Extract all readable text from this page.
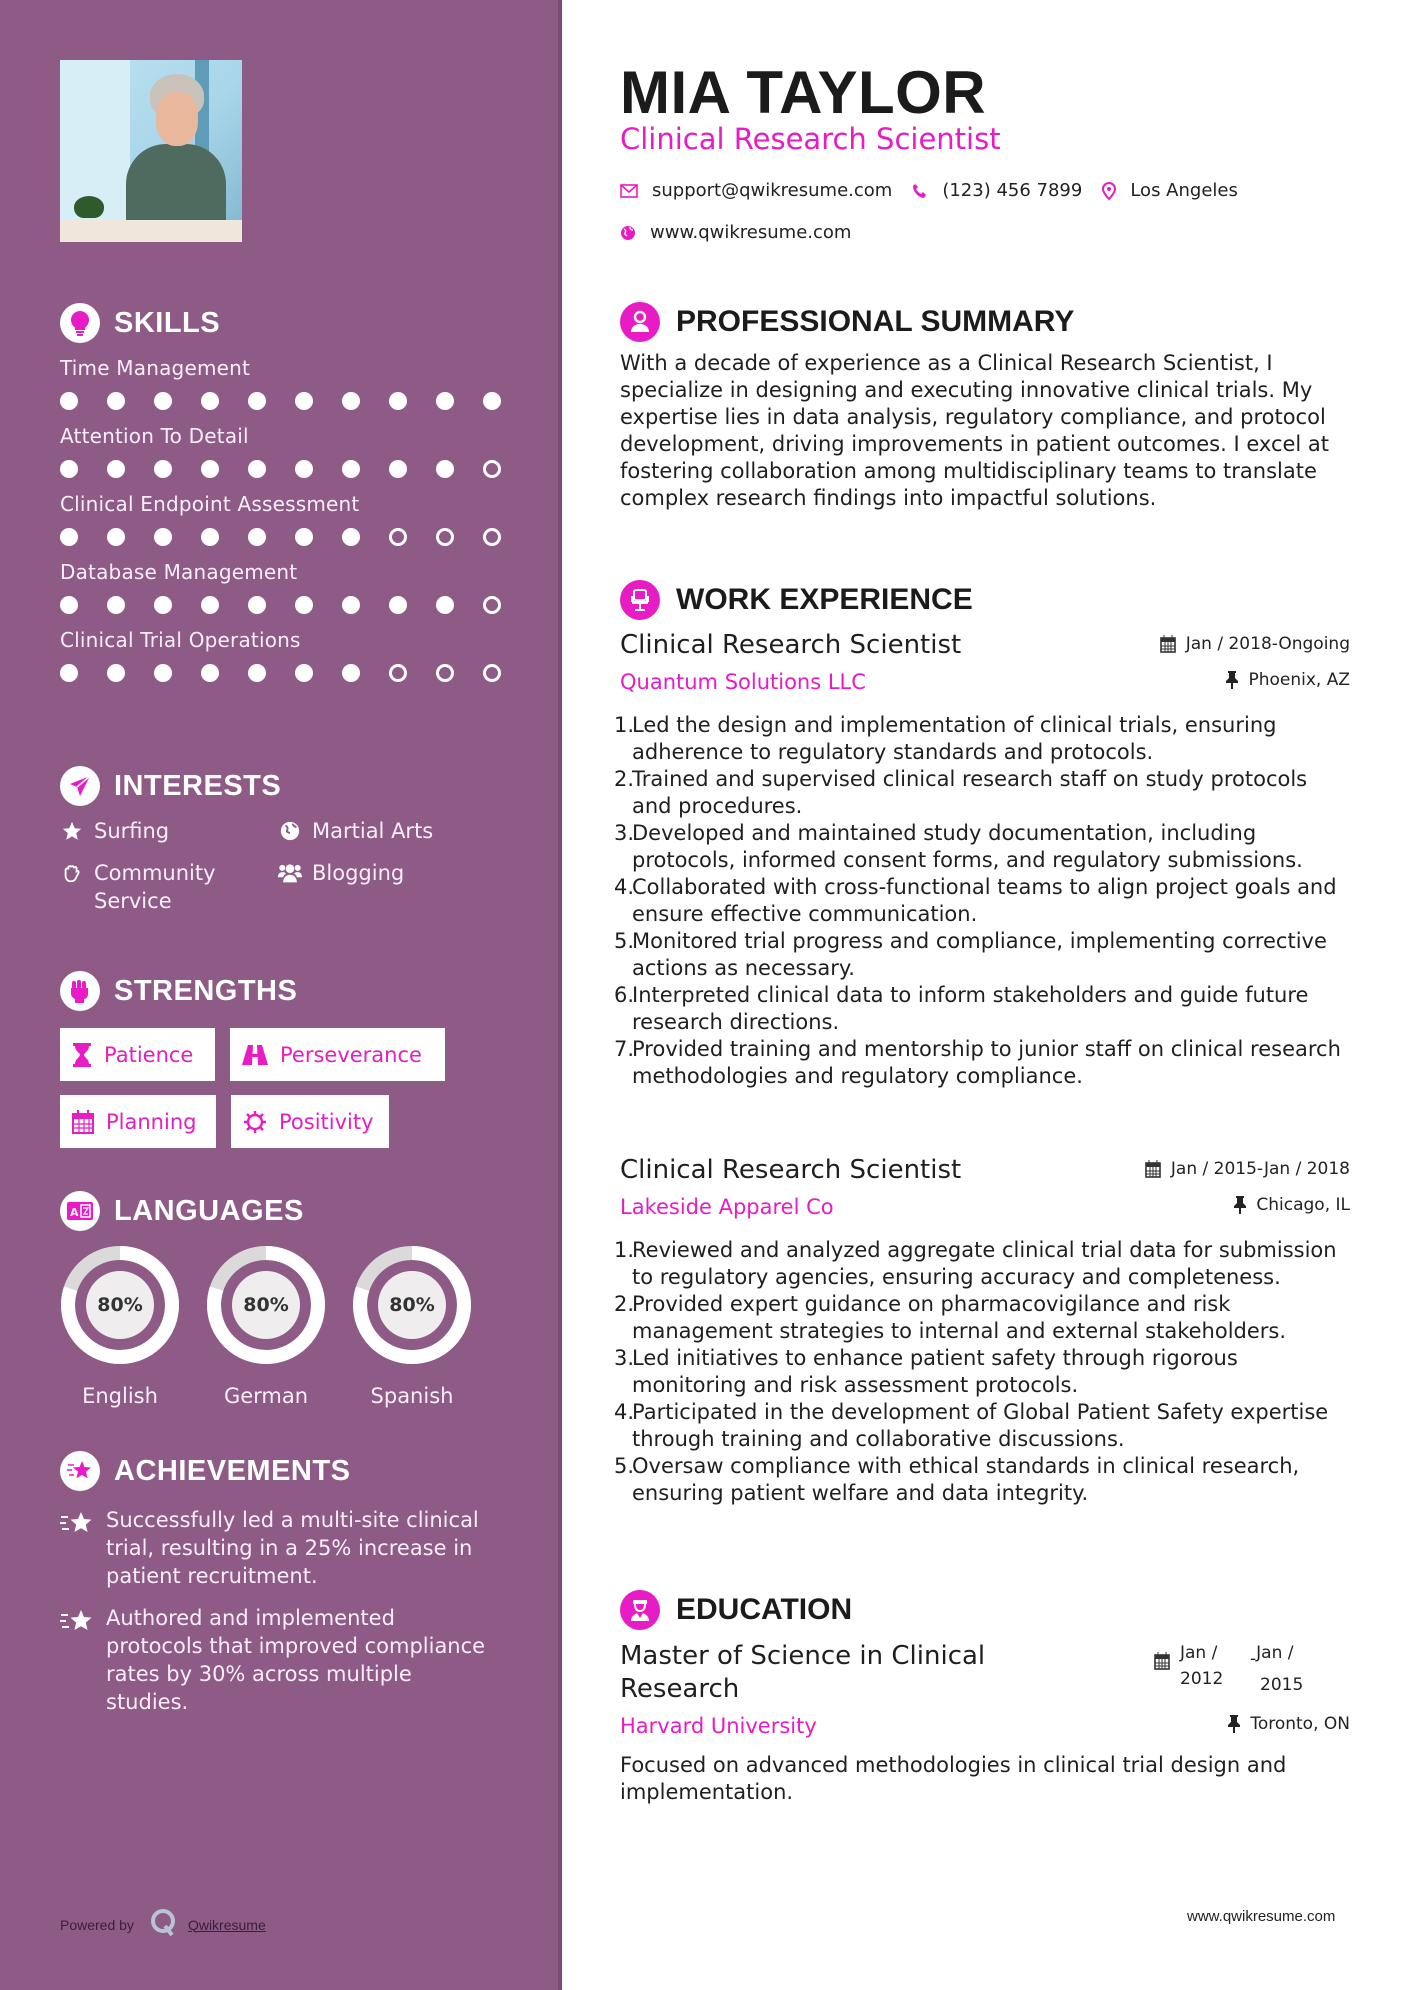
SKILLS
Time Management
Attention To Detail
Clinical Endpoint Assessment
Database Management
Clinical Trial Operations
INTERESTS
Surfing	Martial Arts
Community Service
Blogging
STRENGTHS
Patience	Perseverance
Planning	Positivity
A LANGUAGES
80%
English
80%
German
80%
Spanish
ACHIEVEMENTS
Successfully led a multi-site clinical trial, resulting in a 25% increase in patient recruitment.
Authored and implemented protocols that improved compliance rates by 30% across multiple studies.
Powered by	Qwikresume
MIA TAYLOR
Clinical Research Scientist
support@qwikresume.com	(123) 456 7899	Los Angeles
www.qwikresume.com
PROFESSIONAL SUMMARY
With a decade of experience as a Clinical Research Scientist, I specialize in designing and executing innovative clinical trials. My expertise lies in data analysis, regulatory compliance, and protocol development, driving improvements in patient outcomes. I excel at fostering collaboration among multidisciplinary teams to translate complex research findings into impactful solutions.
WORK EXPERIENCE
Clinical Research Scientist	Jan / 2018-Ongoing
Quantum Solutions LLC	Phoenix, AZ
1.
Led the design and implementation of clinical trials, ensuring adherence to regulatory standards and protocols.
2.
Trained and supervised clinical research staff on study protocols and procedures.
3.
Developed and maintained study documentation, including protocols, informed consent forms, and regulatory submissions.
4.
Collaborated with cross-functional teams to align project goals and ensure effective communication.
5.
Monitored trial progress and compliance, implementing corrective actions as necessary.
6.
Interpreted clinical data to inform stakeholders and guide future research directions.
7.
Provided training and mentorship to junior staff on clinical research methodologies and regulatory compliance.
Clinical Research Scientist	Jan / 2015-Jan / 2018
Lakeside Apparel Co	Chicago, IL
1.
Reviewed and analyzed aggregate clinical trial data for submission to regulatory agencies, ensuring accuracy and completeness.
2.
Provided expert guidance on pharmacovigilance and risk management strategies to internal and external stakeholders.
3.
Led initiatives to enhance patient safety through rigorous monitoring and risk assessment protocols.
4.
Participated in the development of Global Patient Safety expertise through training and collaborative discussions.
5.
Oversaw compliance with ethical standards in clinical research, ensuring patient welfare and data integrity.
EDUCATION
Master of Science in Clinical Research
Jan /
2012
-Jan /
2015
Harvard University	Toronto, ON
Focused on advanced methodologies in clinical trial design and implementation.
www.qwikresume.com
